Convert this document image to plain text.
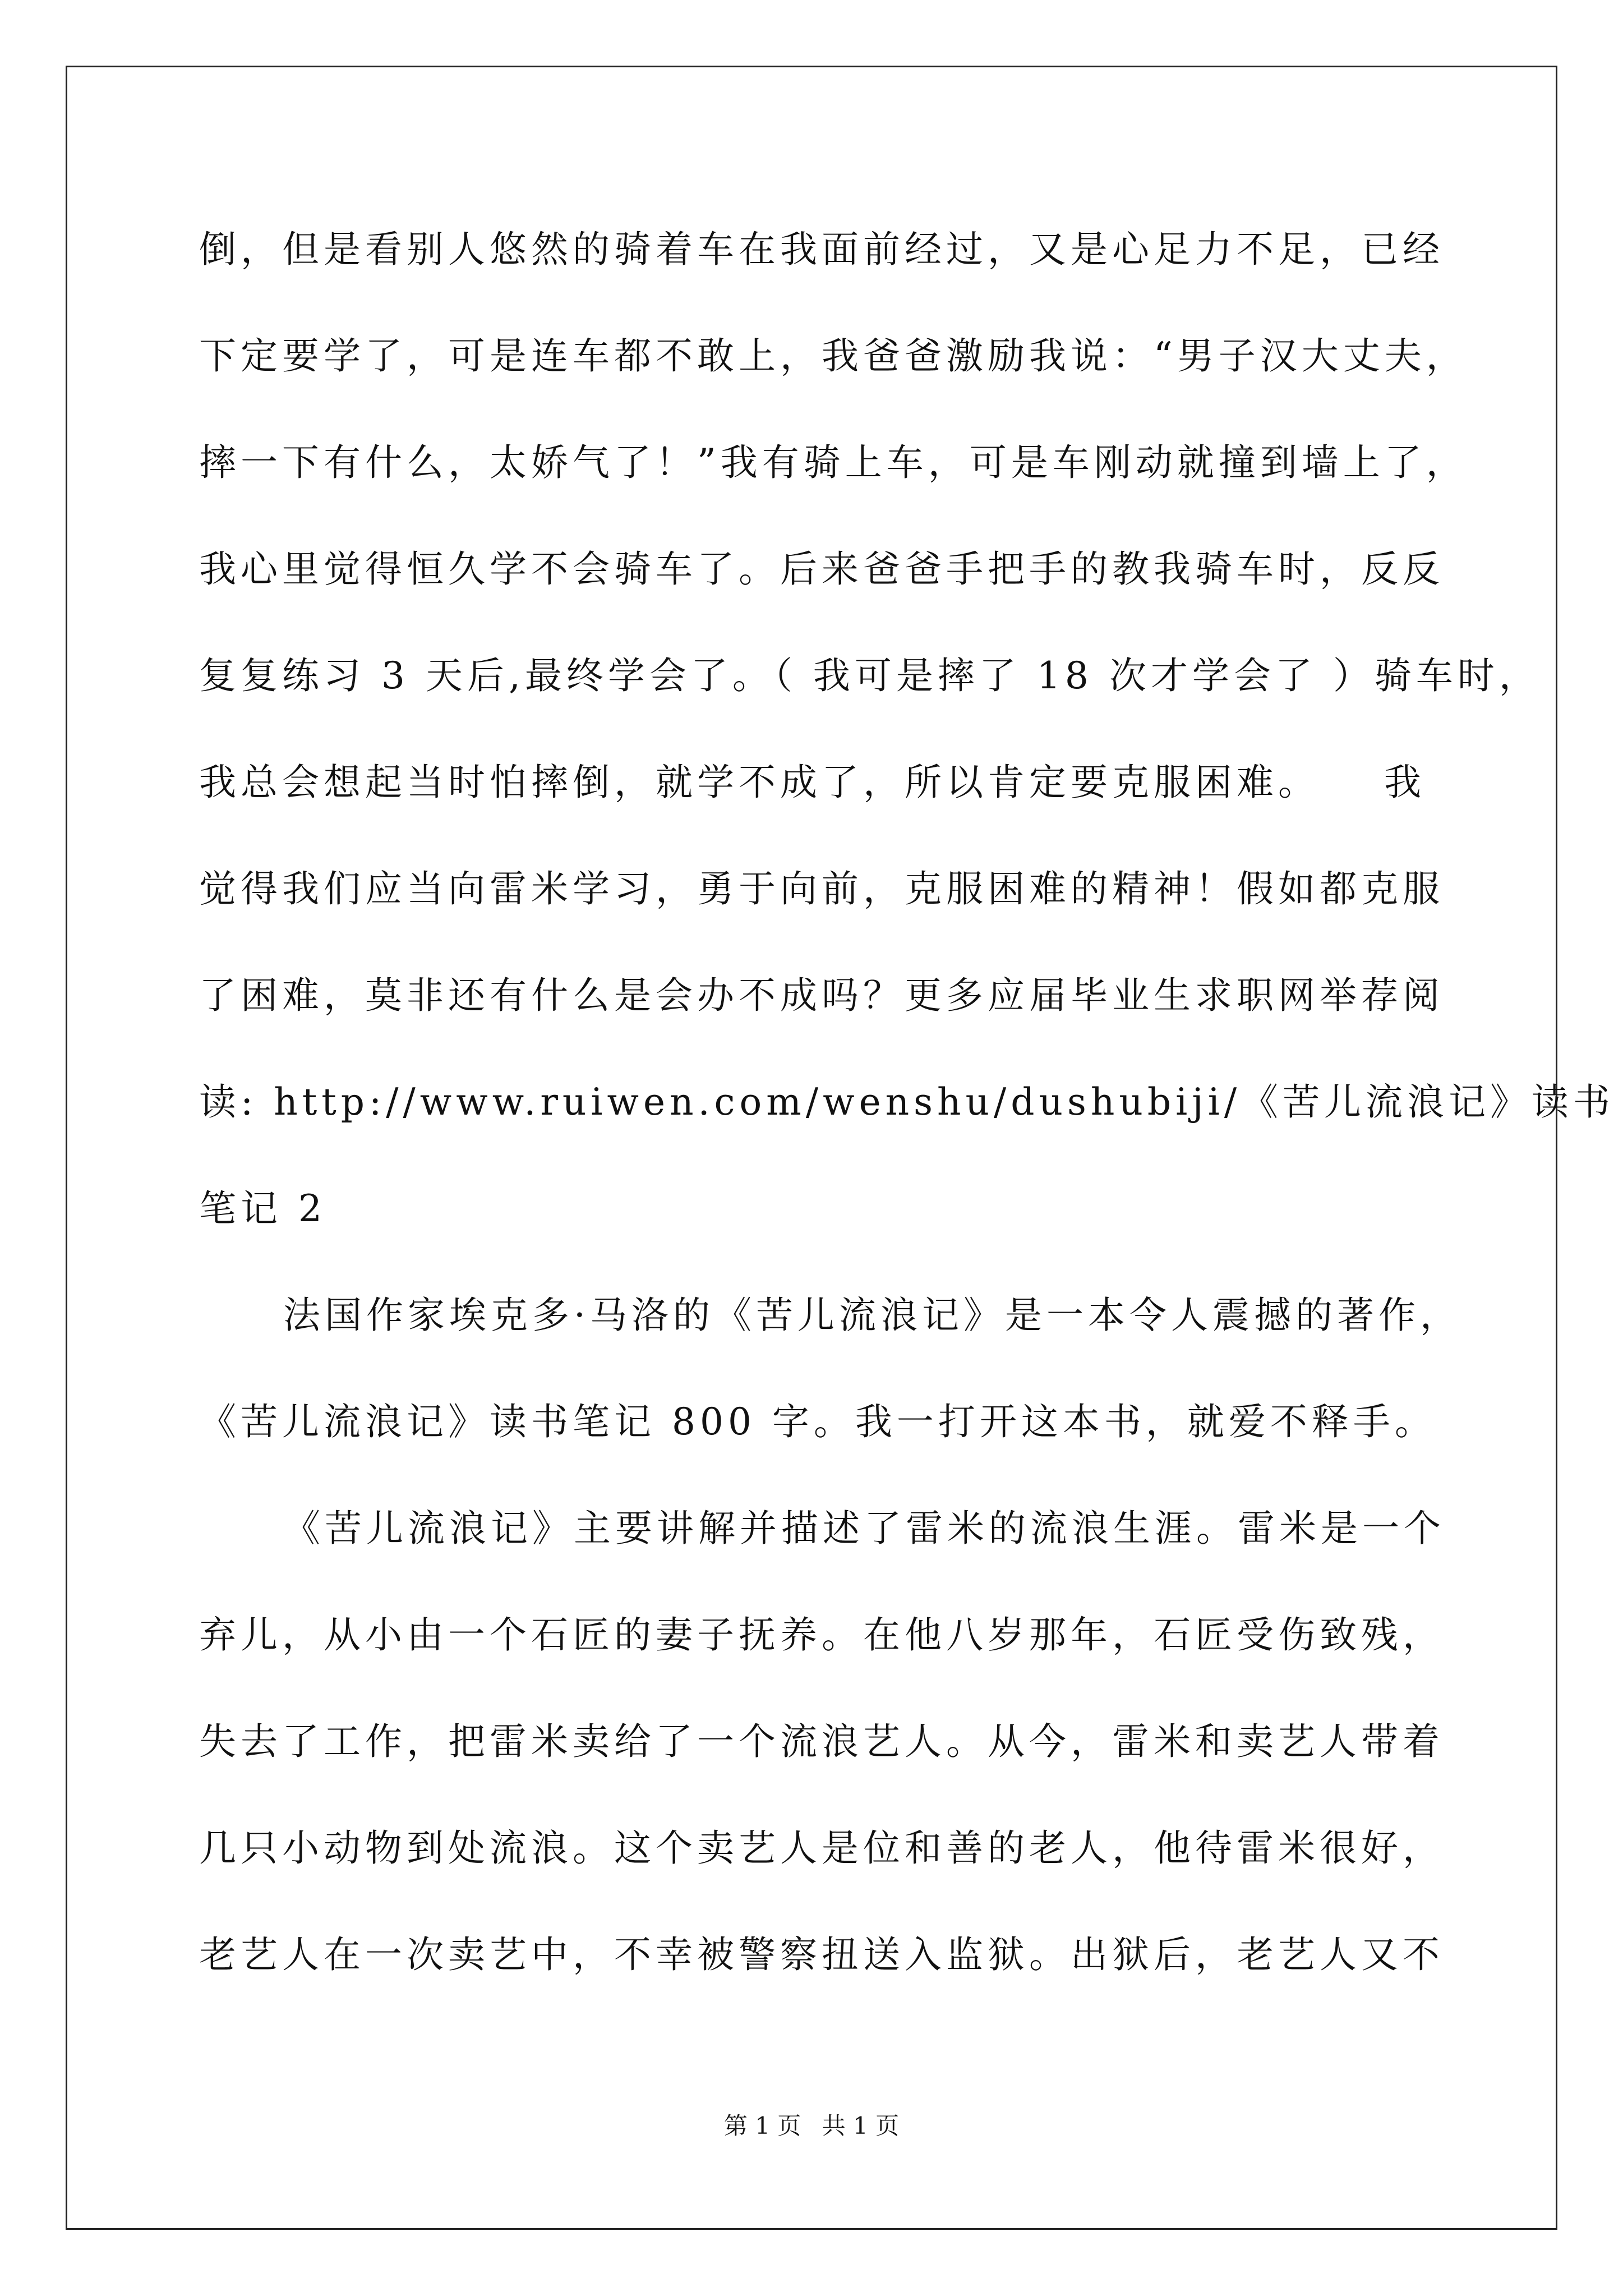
倒，但是看别人悠然的骑着车在我面前经过，又是心足力不足，已经
下定要学了，可是连车都不敢上，我爸爸激励我说：“男子汉大丈夫，
摔一下有什么，太娇气了！”我有骑上车，可是车刚动就撞到墙上了，
我心里觉得恒久学不会骑车了。后来爸爸手把手的教我骑车时，反反
复复练习 3 天后,最终学会了。（ 我可是摔了 18 次才学会了 ）骑车时，
我总会想起当时怕摔倒，就学不成了，所以肯定要克服困难。　　我
觉得我们应当向雷米学习，勇于向前，克服困难的精神！假如都克服
了困难，莫非还有什么是会办不成吗？更多应届毕业生求职网举荐阅
读: http://www.ruiwen.com/wenshu/dushubiji/《苦儿流浪记》读书
笔记 2
法国作家埃克多·马洛的《苦儿流浪记》是一本令人震撼的著作，
《苦儿流浪记》读书笔记 800 字。我一打开这本书，就爱不释手。
《苦儿流浪记》主要讲解并描述了雷米的流浪生涯。雷米是一个
弃儿，从小由一个石匠的妻子抚养。在他八岁那年，石匠受伤致残，
失去了工作，把雷米卖给了一个流浪艺人。从今，雷米和卖艺人带着
几只小动物到处流浪。这个卖艺人是位和善的老人，他待雷米很好，
老艺人在一次卖艺中，不幸被警察扭送入监狱。出狱后，老艺人又不
第 1 页 共 1 页
